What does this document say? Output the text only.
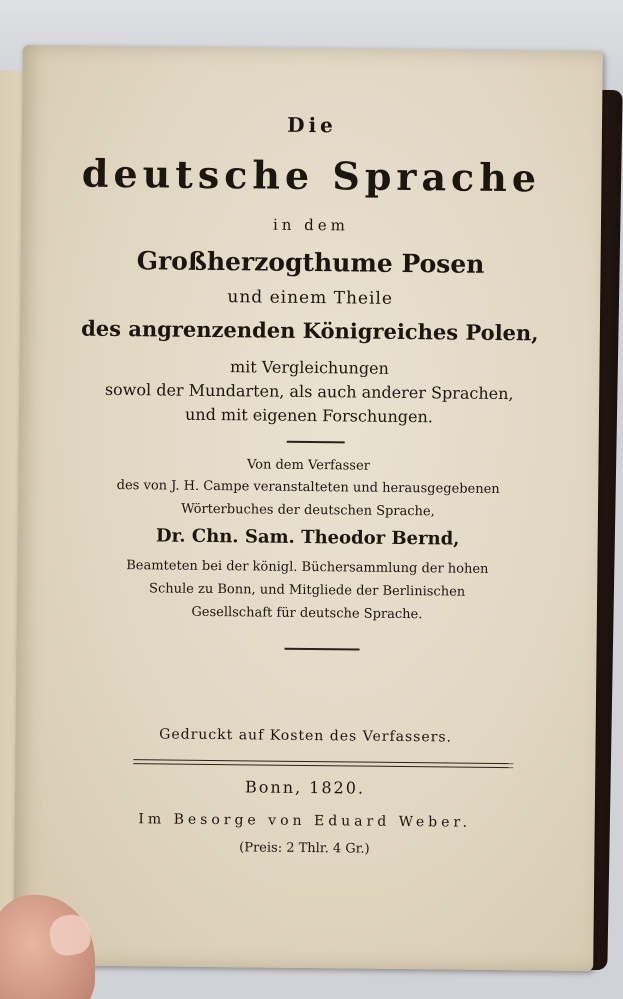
Die
deutsche Sprache
in dem
Großherzogthume Posen
und einem Theile
des angrenzenden Königreiches Polen,
mit Vergleichungen
sowol der Mundarten, als auch anderer Sprachen,
und mit eigenen Forschungen.
Von dem Verfasser
des von J. H. Campe veranstalteten und herausgegebenen
Wörterbuches der deutschen Sprache,
Dr. Chn. Sam. Theodor Bernd,
Beamteten bei der königl. Büchersammlung der hohen
Schule zu Bonn, und Mitgliede der Berlinischen
Gesellschaft für deutsche Sprache.
Gedruckt auf Kosten des Verfassers.
Bonn, 1820.
Im Besorge von Eduard Weber.
(Preis: 2 Thlr. 4 Gr.)
